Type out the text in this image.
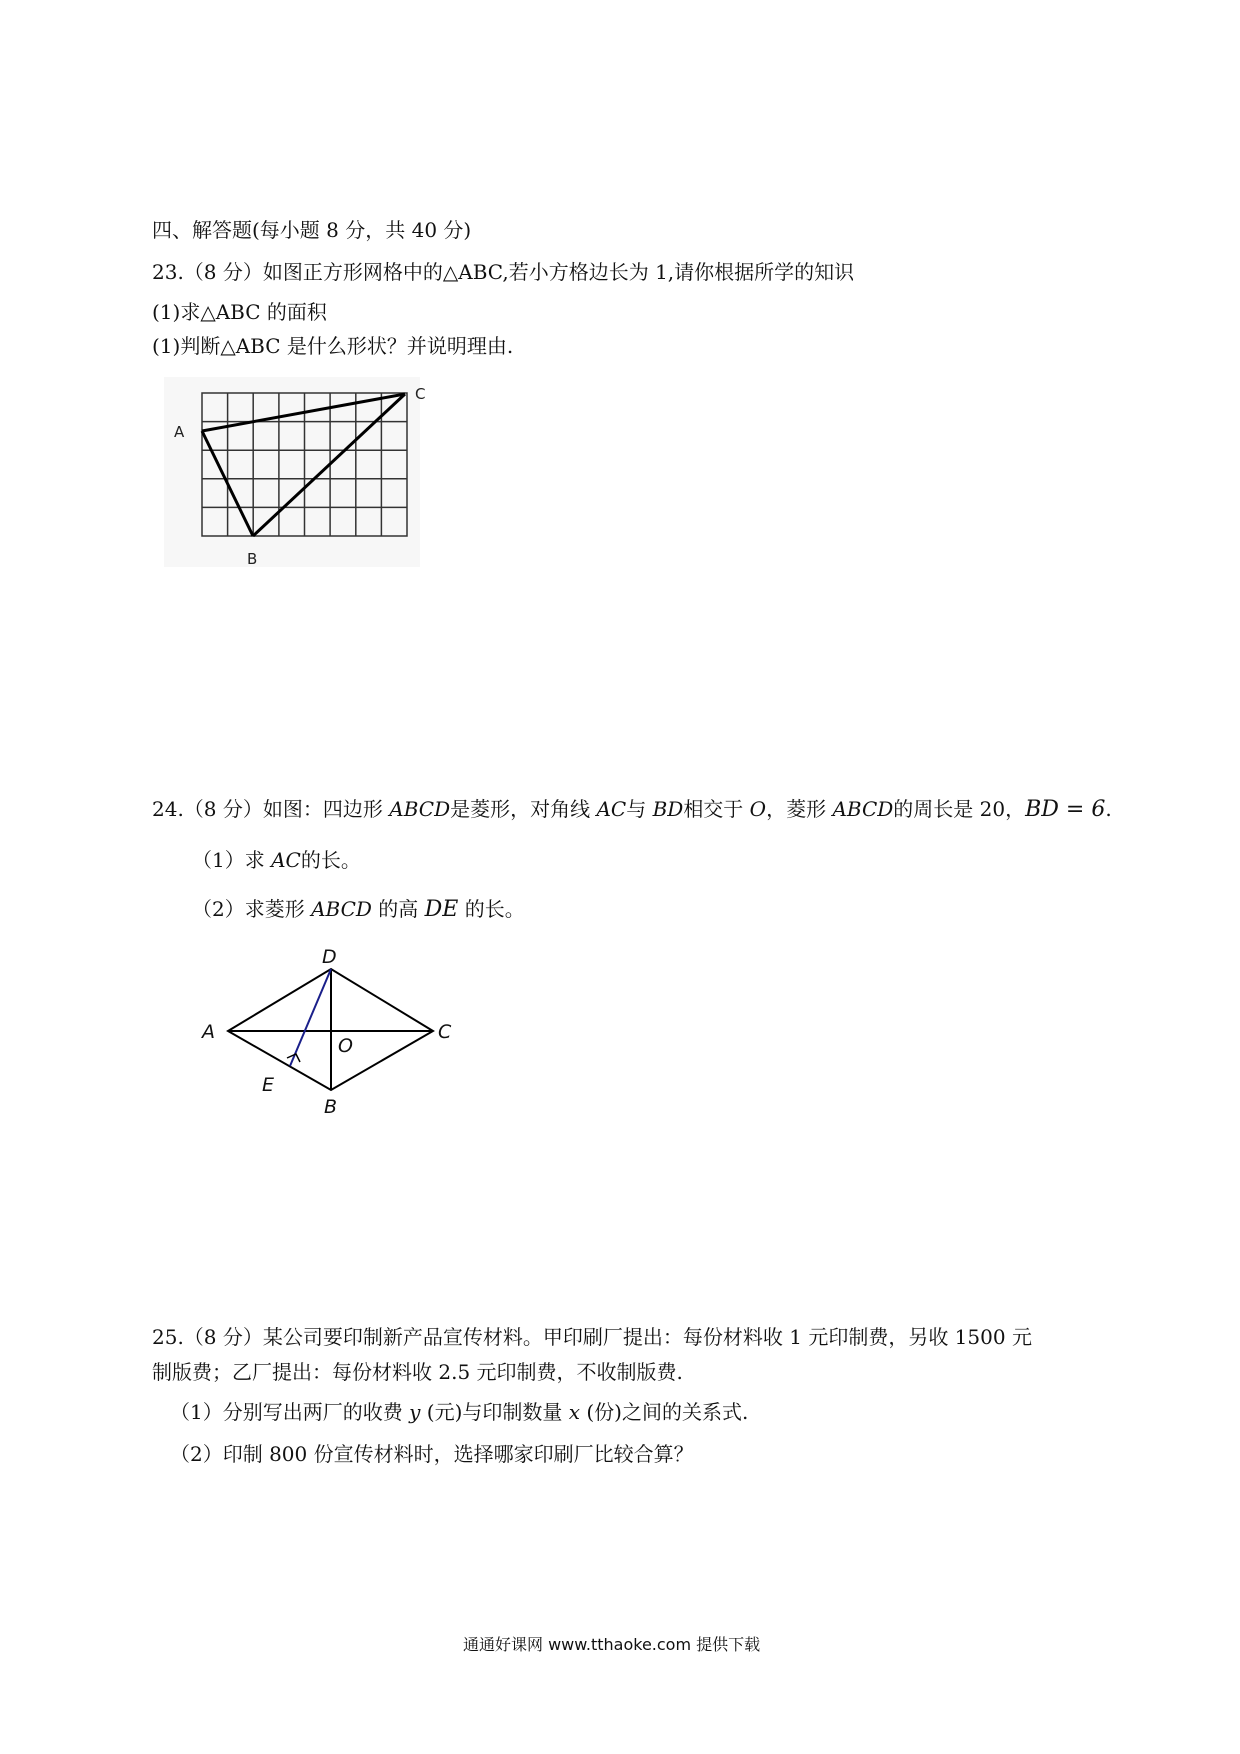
四、解答题(每小题 8 分，共 40 分)
23.（8 分）如图正方形网格中的△ABC,若小方格边长为 1,请你根据所学的知识
(1)求△ABC 的面积
(1)判断△ABC 是什么形状？并说明理由.
A
C
B
24.（8 分）如图：四边形 ABCD是菱形，对角线 AC与 BD相交于 O，菱形 ABCD的周长是 20，BD = 6.
（1）求 AC的长。
（2）求菱形 ABCD 的高 DE 的长。
D
A	C
O
E
B
25.（8 分）某公司要印制新产品宣传材料。甲印刷厂提出：每份材料收 1 元印制费，另收 1500 元
制版费；乙厂提出：每份材料收 2.5 元印制费，不收制版费.
（1）分别写出两厂的收费 y (元)与印制数量 x (份)之间的关系式.
（2）印制 800 份宣传材料时，选择哪家印刷厂比较合算？
通通好课网 www.tthaoke.com 提供下载
